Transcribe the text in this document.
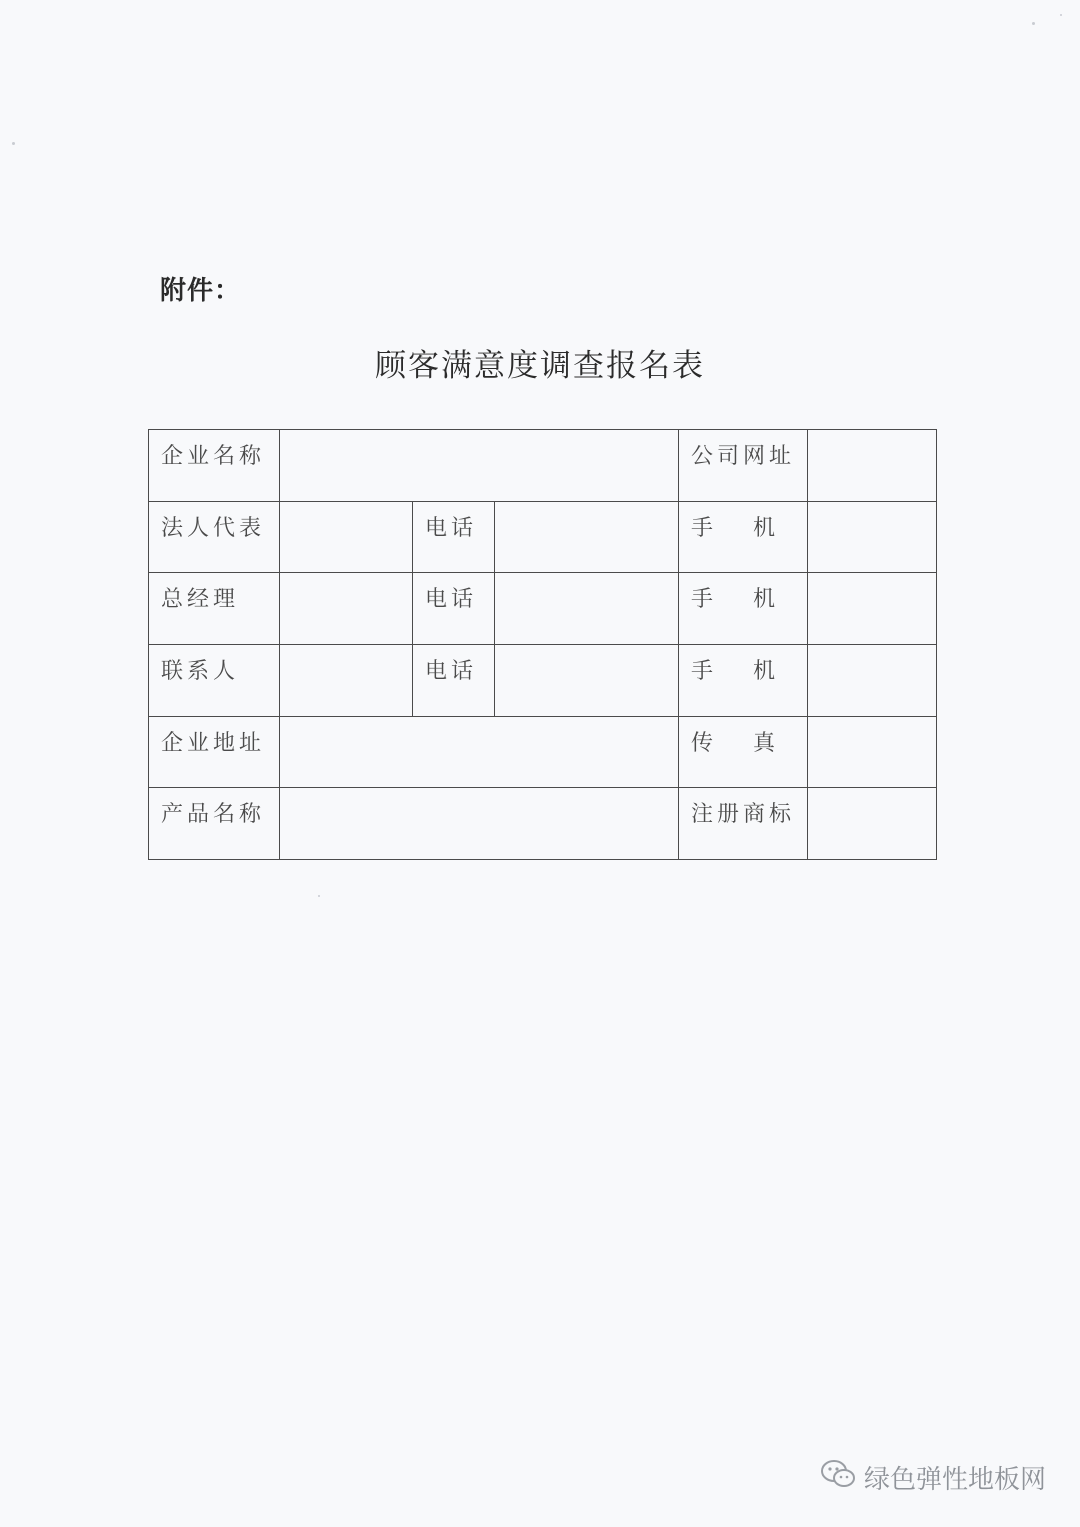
附件：
顾客满意度调查报名表
企业名称				公司网址	

法人代表		电话		手 机	

总经理		电话		手 机	

联系人		电话		手 机	

企业地址				传 真	

产品名称				注册商标	

绿色弹性地板网
